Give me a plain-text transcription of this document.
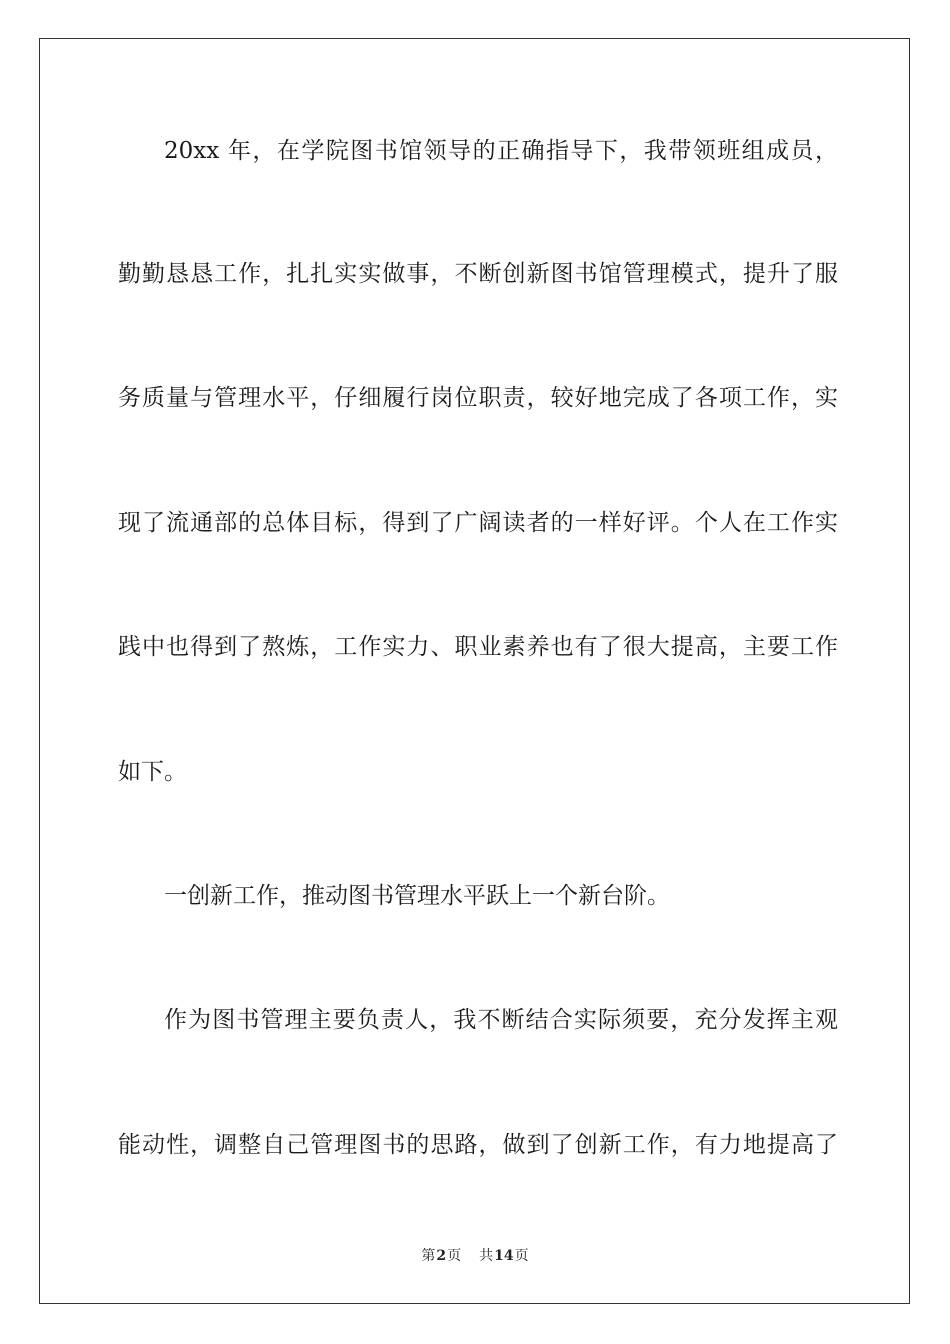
20xx 年，在学院图书馆领导的正确指导下，我带领班组成员，
勤勤恳恳工作，扎扎实实做事，不断创新图书馆管理模式，提升了服
务质量与管理水平，仔细履行岗位职责，较好地完成了各项工作，实
现了流通部的总体目标，得到了广阔读者的一样好评。个人在工作实
践中也得到了熬炼，工作实力、职业素养也有了很大提高，主要工作
如下。
一创新工作，推动图书管理水平跃上一个新台阶。
作为图书管理主要负责人，我不断结合实际须要，充分发挥主观
能动性，调整自己管理图书的思路，做到了创新工作，有力地提高了
第2页 共14页
